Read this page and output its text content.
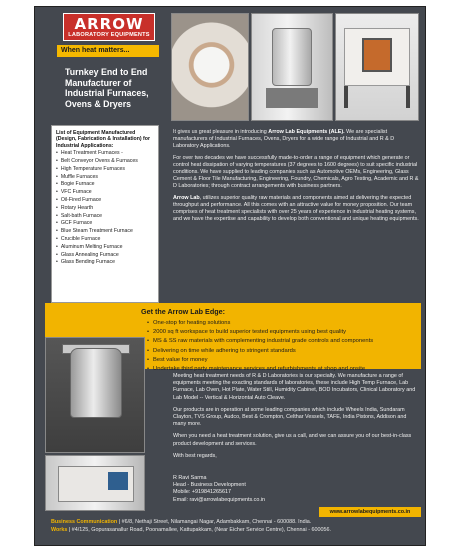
ARROW
LABORATORY EQUIPMENTS
When heat matters...
Turnkey End to End Manufacturer of Industrial Furnaces, Ovens & Dryers
List of Equipment Manufactured (Design, Fabrication & Installation) for Industrial Applications:
• Heat Treatment Furnaces -
• Belt Conveyor Ovens & Furnaces
• High Temperature Furnaces
• Muffle Furnaces
• Bogie Furnace
• VFC Furnace
• Oil-Fired Furnace
• Rotary Hearth
• Salt-bath Furnace
• GCF Furnace
• Blue Steam Treatment Furnace
• Crucible Furnace
• Aluminum Melting Furnace
• Glass Annealing Furnace
• Glass Bending Furnace

It gives us great pleasure in introducing Arrow Lab Equipments (ALE). We are specialist manufacturers of Industrial Furnaces, Ovens, Dryers for a wide range of Industrial and R & D Laboratory Applications.

For over two decades we have successfully made-to-order a range of equipment which generate or control heat dissipation of varying temperatures (37 degrees to 1600 degrees) to suit specific industrial conditions. We have supplied to leading companies such as Automotive OEMs, Engineering, Glass Cement & Floor Tile Manufacturing, Engineering, Foundry, Chemicals, Agro Testing, Academic and R & D Laboratories; through contract arrangements with business partners.

Arrow Lab, utilizes superior quality raw materials and components aimed at delivering the expected throughput and performance. All this comes with an attractive value for money proposition. Our team comprises of heat treatment specialists with over 25 years of experience in industrial heating systems, and we have the expertise and capability to develop both conventional and unique heating equipments.

Get the Arrow Lab Edge:
• One-stop for heating solutions
• 2000 sq ft workspace to build superior tested equipments using best quality
• MS & SS raw materials with complementing industrial grade controls and components
• Delivering on time while adhering to stringent standards
• Best value for money
• Undertake third party maintenance services and refurbishments at shop and onsite

Meeting heat treatment needs of R & D Laboratories is our specialty. We manufacture a range of equipments meeting the exacting standards of laboratories, these include High Temp Furnace, Lab Furnace, Lab Oven, Hot Plate, Water Still, Humidity Cabinet, BOD Incubators, Clinical Laboratory and Lab Model -- Vertical & Horizontal Auto Cleave.

Our products are in operation at some leading companies which include Wheels India, Sundaram Clayton, TVS Group, Audco, Best & Crompton, Celthar Vessels, TAFE, India Pistons, Addison and many more.

When you need a heat treatment solution, give us a call, and we can assure you of our best-in-class product development and services.

With best regards,

R Ravi Sarma
Head - Business Development
Mobile: +919841265617
Email: ravi@arrowlabequipments.co.in
www.arrowlabequipments.co.in
Business Communication | #6/8, Nethaji Street, Nilamangai Nagar, Adambakkam, Chennai - 600088. India.
Works | #4/125, Gopurasanallur Road, Poonamallee, Kattupakkam, (Near Eicher Service Centre), Chennai - 600056.
